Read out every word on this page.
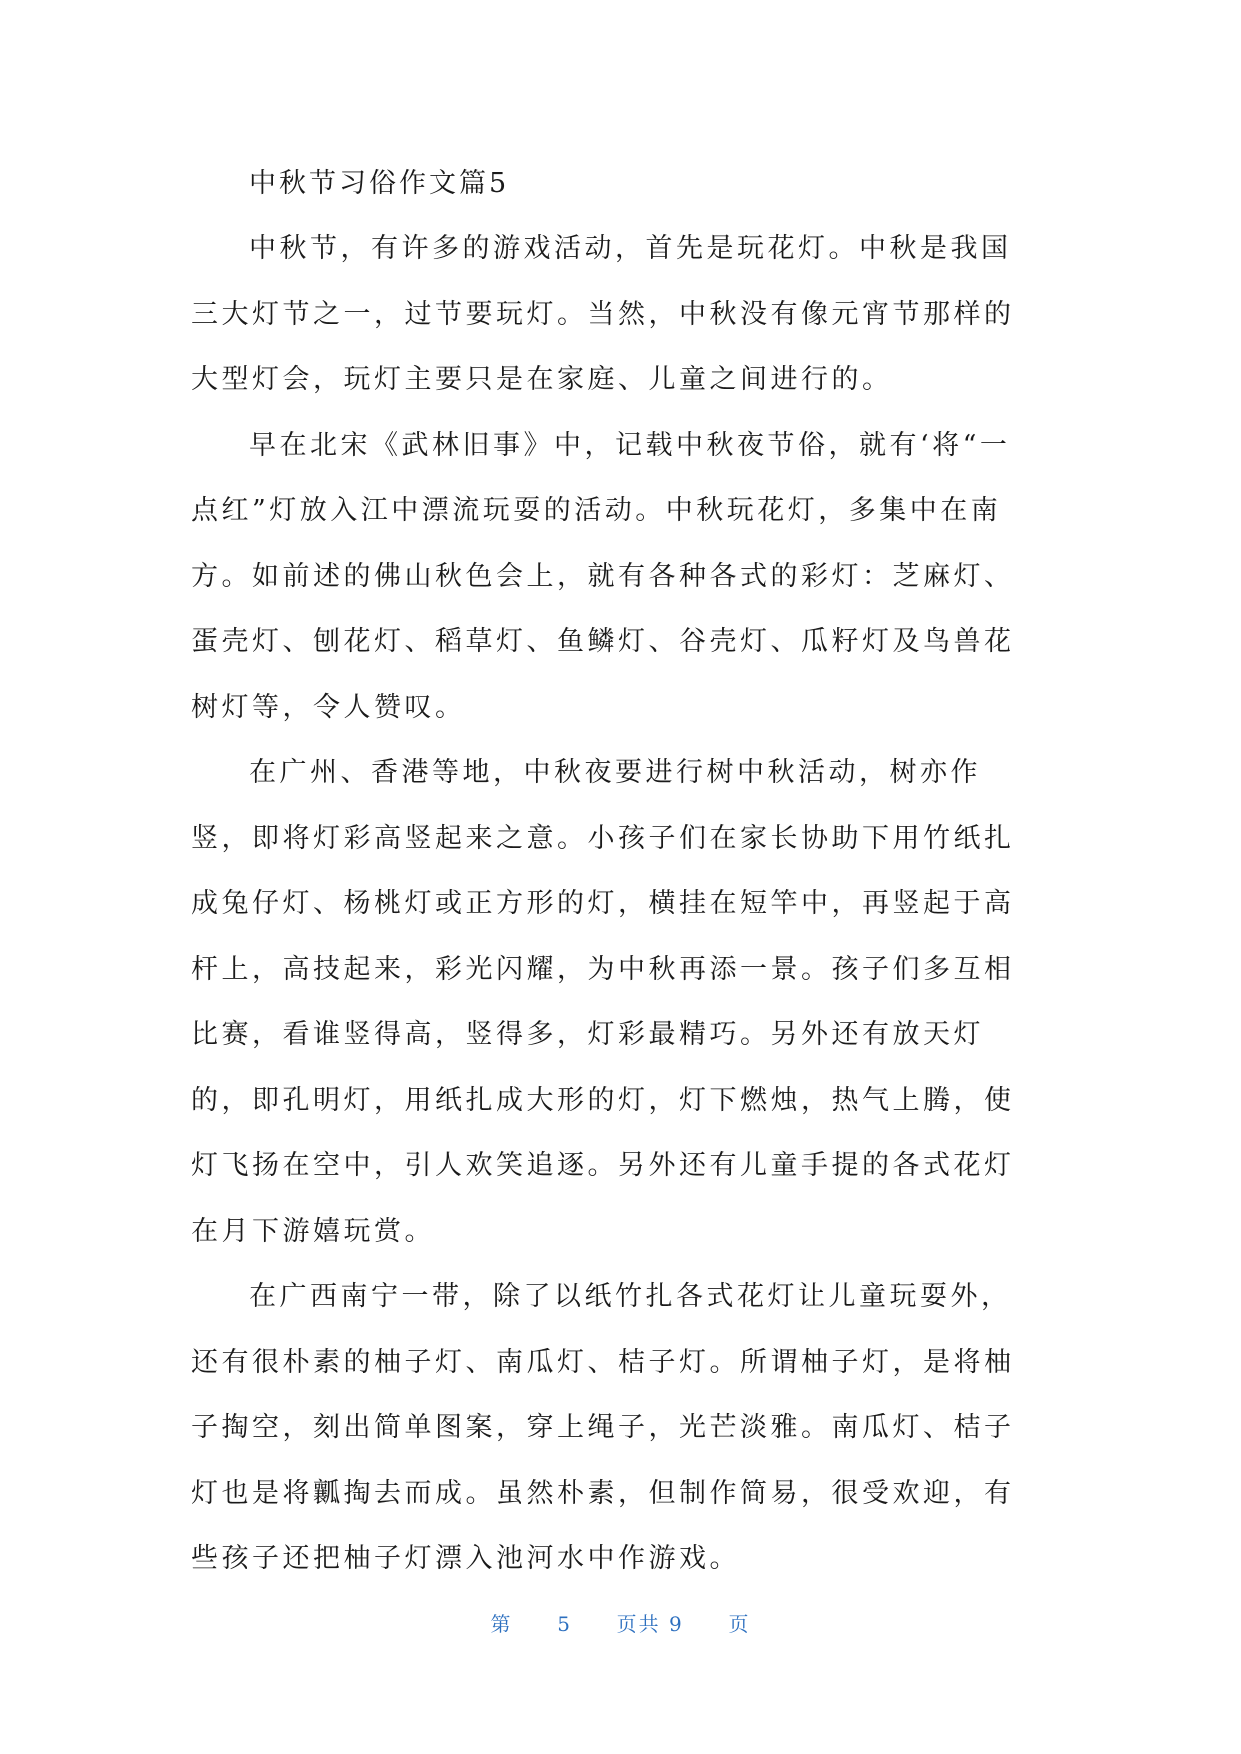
中秋节习俗作文篇5

中秋节，有许多的游戏活动，首先是玩花灯。中秋是我国三大灯节之一，过节要玩灯。当然，中秋没有像元宵节那样的大型灯会，玩灯主要只是在家庭、儿童之间进行的。

早在北宋《武林旧事》中，记载中秋夜节俗，就有‘将“一点红”灯放入江中漂流玩耍的活动。中秋玩花灯，多集中在南方。如前述的佛山秋色会上，就有各种各式的彩灯：芝麻灯、蛋壳灯、刨花灯、稻草灯、鱼鳞灯、谷壳灯、瓜籽灯及鸟兽花树灯等，令人赞叹。

在广州、香港等地，中秋夜要进行树中秋活动，树亦作竖，即将灯彩高竖起来之意。小孩子们在家长协助下用竹纸扎成兔仔灯、杨桃灯或正方形的灯，横挂在短竿中，再竖起于高杆上，高技起来，彩光闪耀，为中秋再添一景。孩子们多互相比赛，看谁竖得高，竖得多，灯彩最精巧。另外还有放天灯的，即孔明灯，用纸扎成大形的灯，灯下燃烛，热气上腾，使灯飞扬在空中，引人欢笑追逐。另外还有儿童手提的各式花灯在月下游嬉玩赏。

在广西南宁一带，除了以纸竹扎各式花灯让儿童玩耍外，还有很朴素的柚子灯、南瓜灯、桔子灯。所谓柚子灯，是将柚子掏空，刻出简单图案，穿上绳子，光芒淡雅。南瓜灯、桔子灯也是将瓤掏去而成。虽然朴素，但制作简易，很受欢迎，有些孩子还把柚子灯漂入池河水中作游戏。

第 5 页共 9 页
